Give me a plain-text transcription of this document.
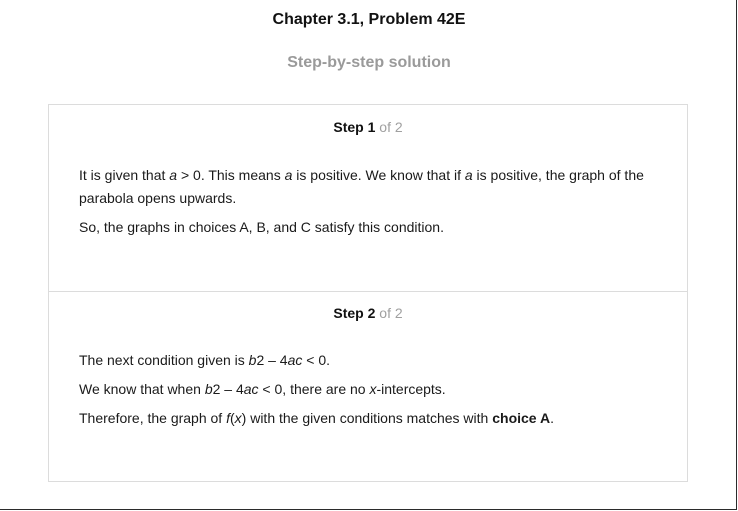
Chapter 3.1, Problem 42E
Step-by-step solution
Step 1 of 2

It is given that a > 0. This means a is positive. We know that if a is positive, the graph of the parabola opens upwards.

So, the graphs in choices A, B, and C satisfy this condition.

Step 2 of 2

The next condition given is b2 – 4ac < 0.

We know that when b2 – 4ac < 0, there are no x-intercepts.

Therefore, the graph of f(x) with the given conditions matches with choice A.
